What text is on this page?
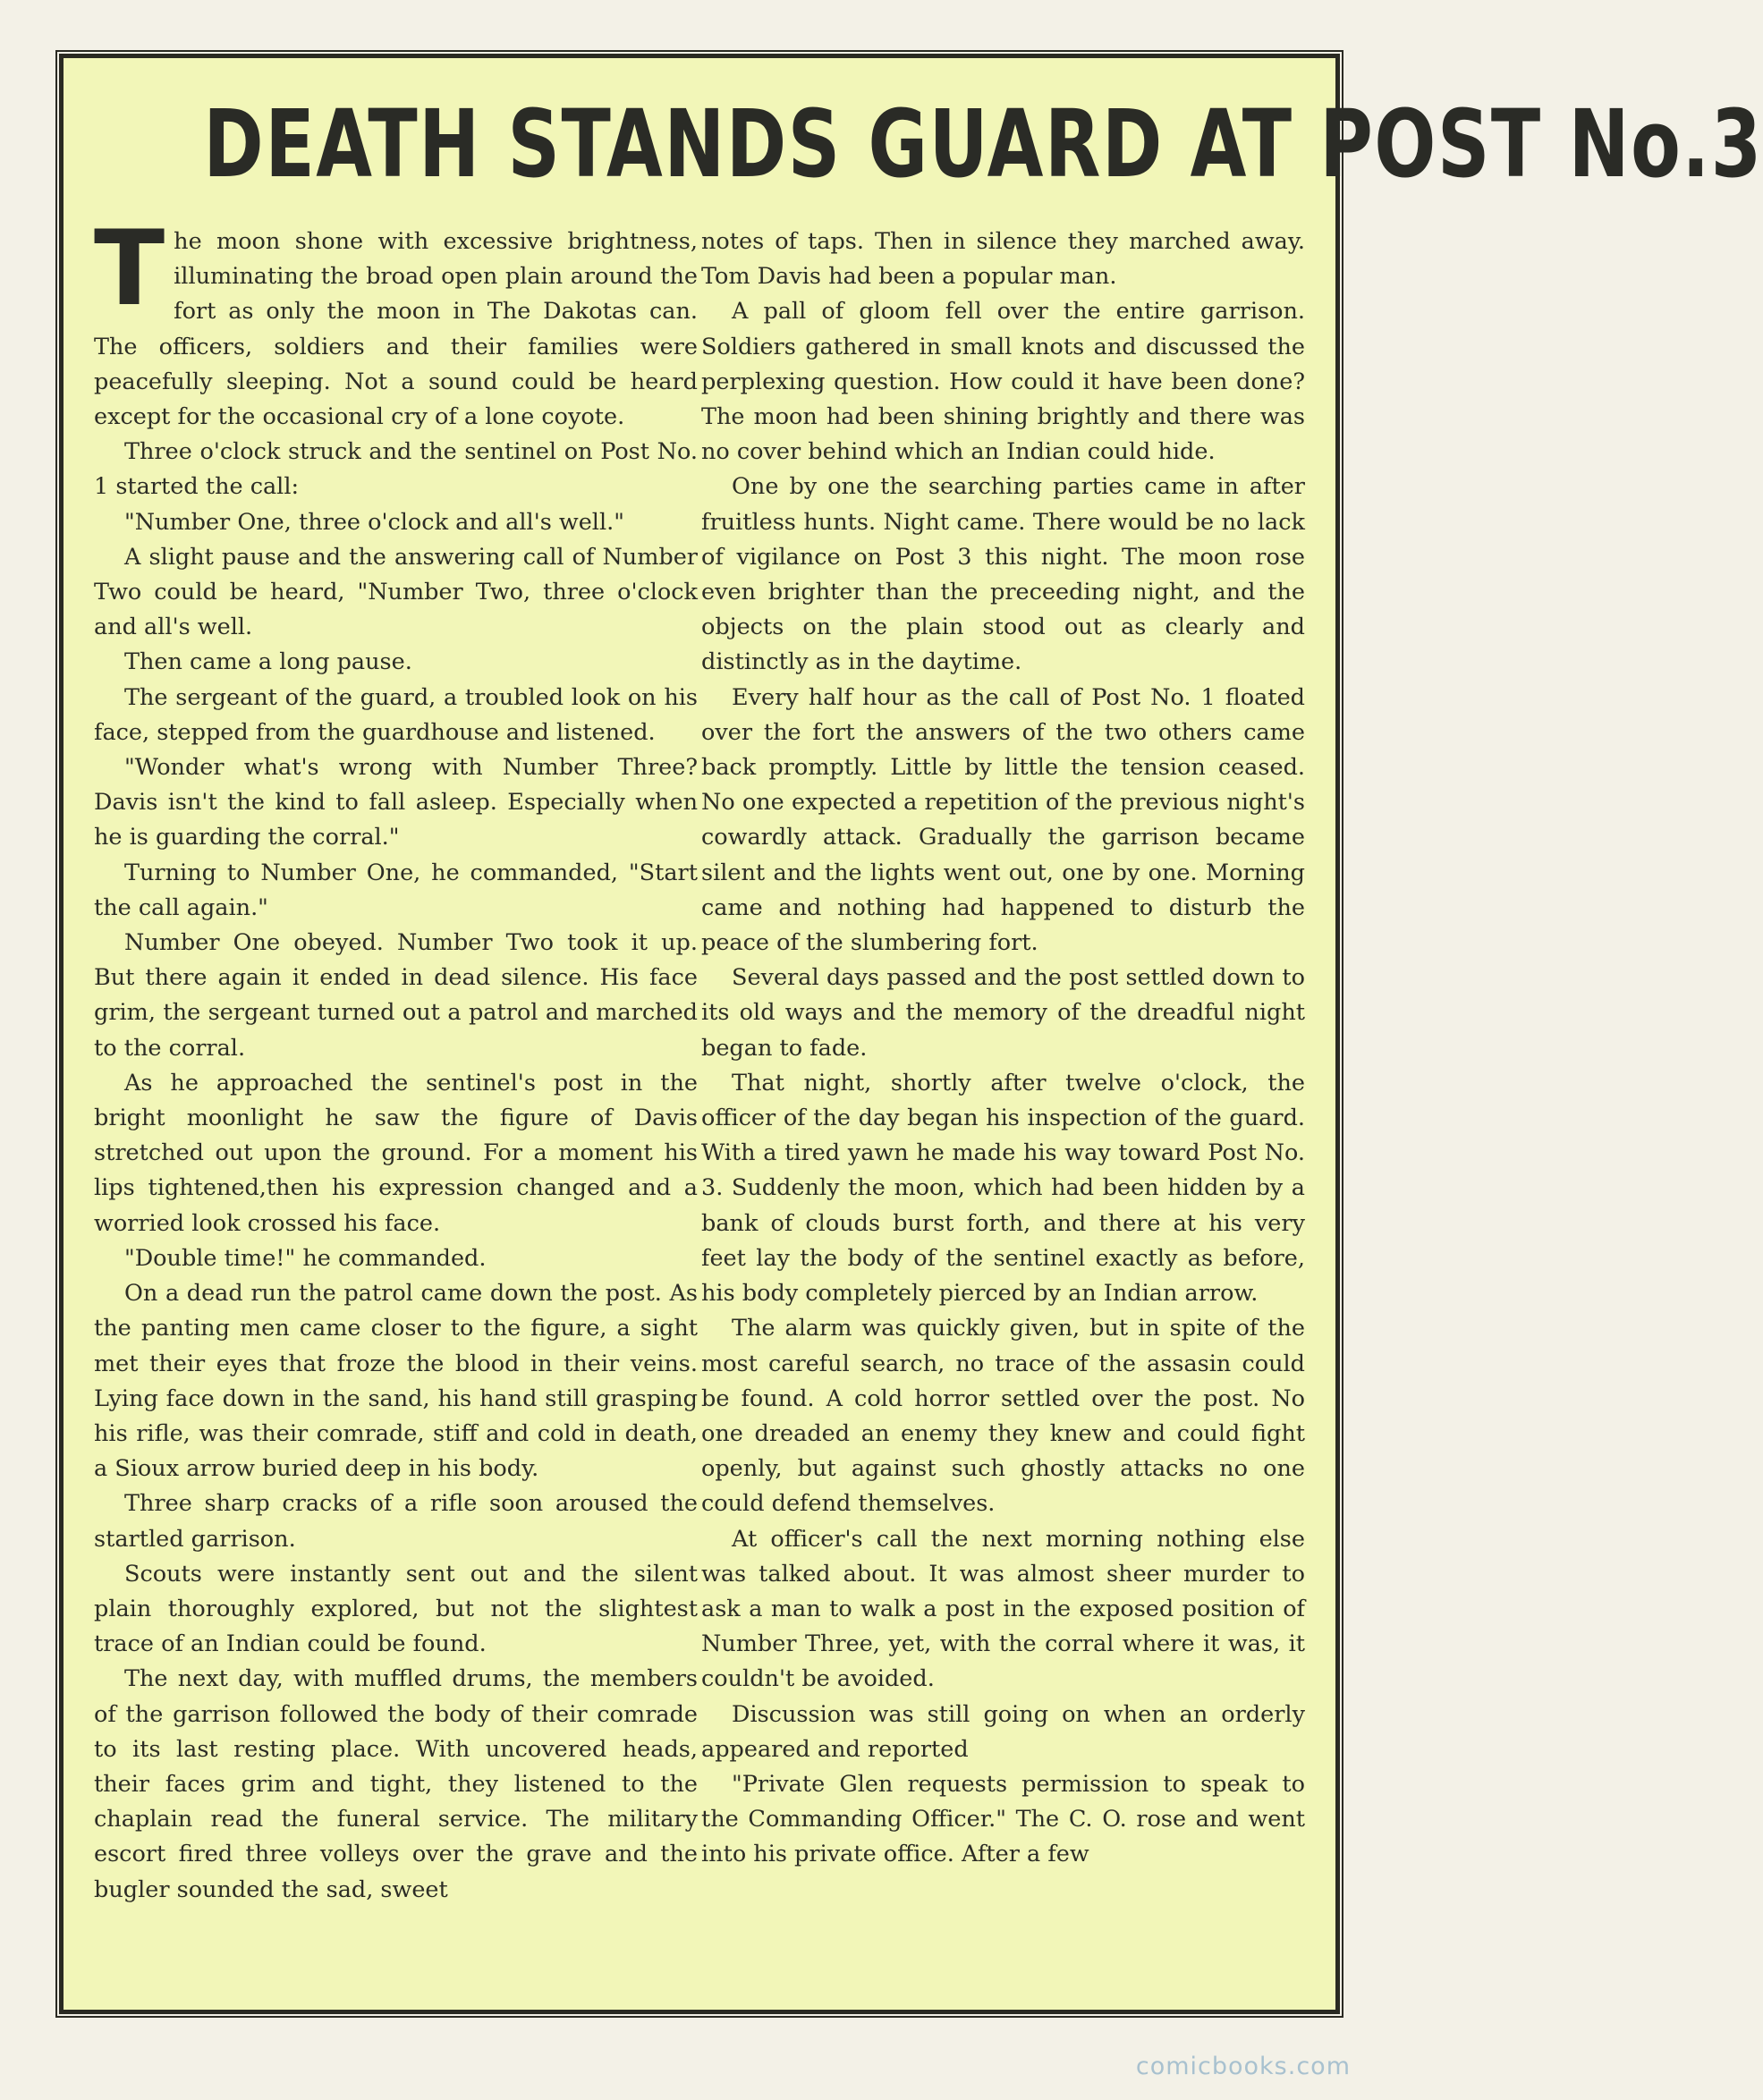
DEATH STANDS GUARD AT POST No.3

The moon shone with excessive brightness, illuminating the broad open plain around the fort as only the moon in The Dakotas can. The officers, soldiers and their families were peacefully sleeping. Not a sound could be heard except for the occasional cry of a lone coyote.

Three o'clock struck and the sentinel on Post No. 1 started the call:

"Number One, three o'clock and all's well."

A slight pause and the answering call of Number Two could be heard, "Number Two, three o'clock and all's well.

Then came a long pause.

The sergeant of the guard, a troubled look on his face, stepped from the guardhouse and listened.

"Wonder what's wrong with Number Three? Davis isn't the kind to fall asleep. Especially when he is guarding the corral."

Turning to Number One, he commanded, "Start the call again."

Number One obeyed. Number Two took it up. But there again it ended in dead silence. His face grim, the sergeant turned out a patrol and marched to the corral.

As he approached the sentinel's post in the bright moonlight he saw the figure of Davis stretched out upon the ground. For a moment his lips tightened,then his expression changed and a worried look crossed his face.

"Double time!" he commanded.

On a dead run the patrol came down the post. As the panting men came closer to the figure, a sight met their eyes that froze the blood in their veins. Lying face down in the sand, his hand still grasping his rifle, was their comrade, stiff and cold in death, a Sioux arrow buried deep in his body.

Three sharp cracks of a rifle soon aroused the startled garrison.

Scouts were instantly sent out and the silent plain thoroughly explored, but not the slightest trace of an Indian could be found.

The next day, with muffled drums, the members of the garrison followed the body of their comrade to its last resting place. With uncovered heads, their faces grim and tight, they listened to the chaplain read the funeral service. The military escort fired three volleys over the grave and the bugler sounded the sad, sweet

notes of taps. Then in silence they marched away. Tom Davis had been a popular man.

A pall of gloom fell over the entire garrison. Soldiers gathered in small knots and discussed the perplexing question. How could it have been done? The moon had been shining brightly and there was no cover behind which an Indian could hide.

One by one the searching parties came in after fruitless hunts. Night came. There would be no lack of vigilance on Post 3 this night. The moon rose even brighter than the preceeding night, and the objects on the plain stood out as clearly and distinctly as in the daytime.

Every half hour as the call of Post No. 1 floated over the fort the answers of the two others came back promptly. Little by little the tension ceased. No one expected a repetition of the previous night's cowardly attack. Gradually the garrison became silent and the lights went out, one by one. Morning came and nothing had happened to disturb the peace of the slumbering fort.

Several days passed and the post settled down to its old ways and the memory of the dreadful night began to fade.

That night, shortly after twelve o'clock, the officer of the day began his inspection of the guard. With a tired yawn he made his way toward Post No. 3. Suddenly the moon, which had been hidden by a bank of clouds burst forth, and there at his very feet lay the body of the sentinel exactly as before, his body completely pierced by an Indian arrow.

The alarm was quickly given, but in spite of the most careful search, no trace of the assasin could be found. A cold horror settled over the post. No one dreaded an enemy they knew and could fight openly, but against such ghostly attacks no one could defend themselves.

At officer's call the next morning nothing else was talked about. It was almost sheer murder to ask a man to walk a post in the exposed position of Number Three, yet, with the corral where it was, it couldn't be avoided.

Discussion was still going on when an orderly appeared and reported

"Private Glen requests permission to speak to the Commanding Officer." The C. O. rose and went into his private office. After a few

comicbooks.com
